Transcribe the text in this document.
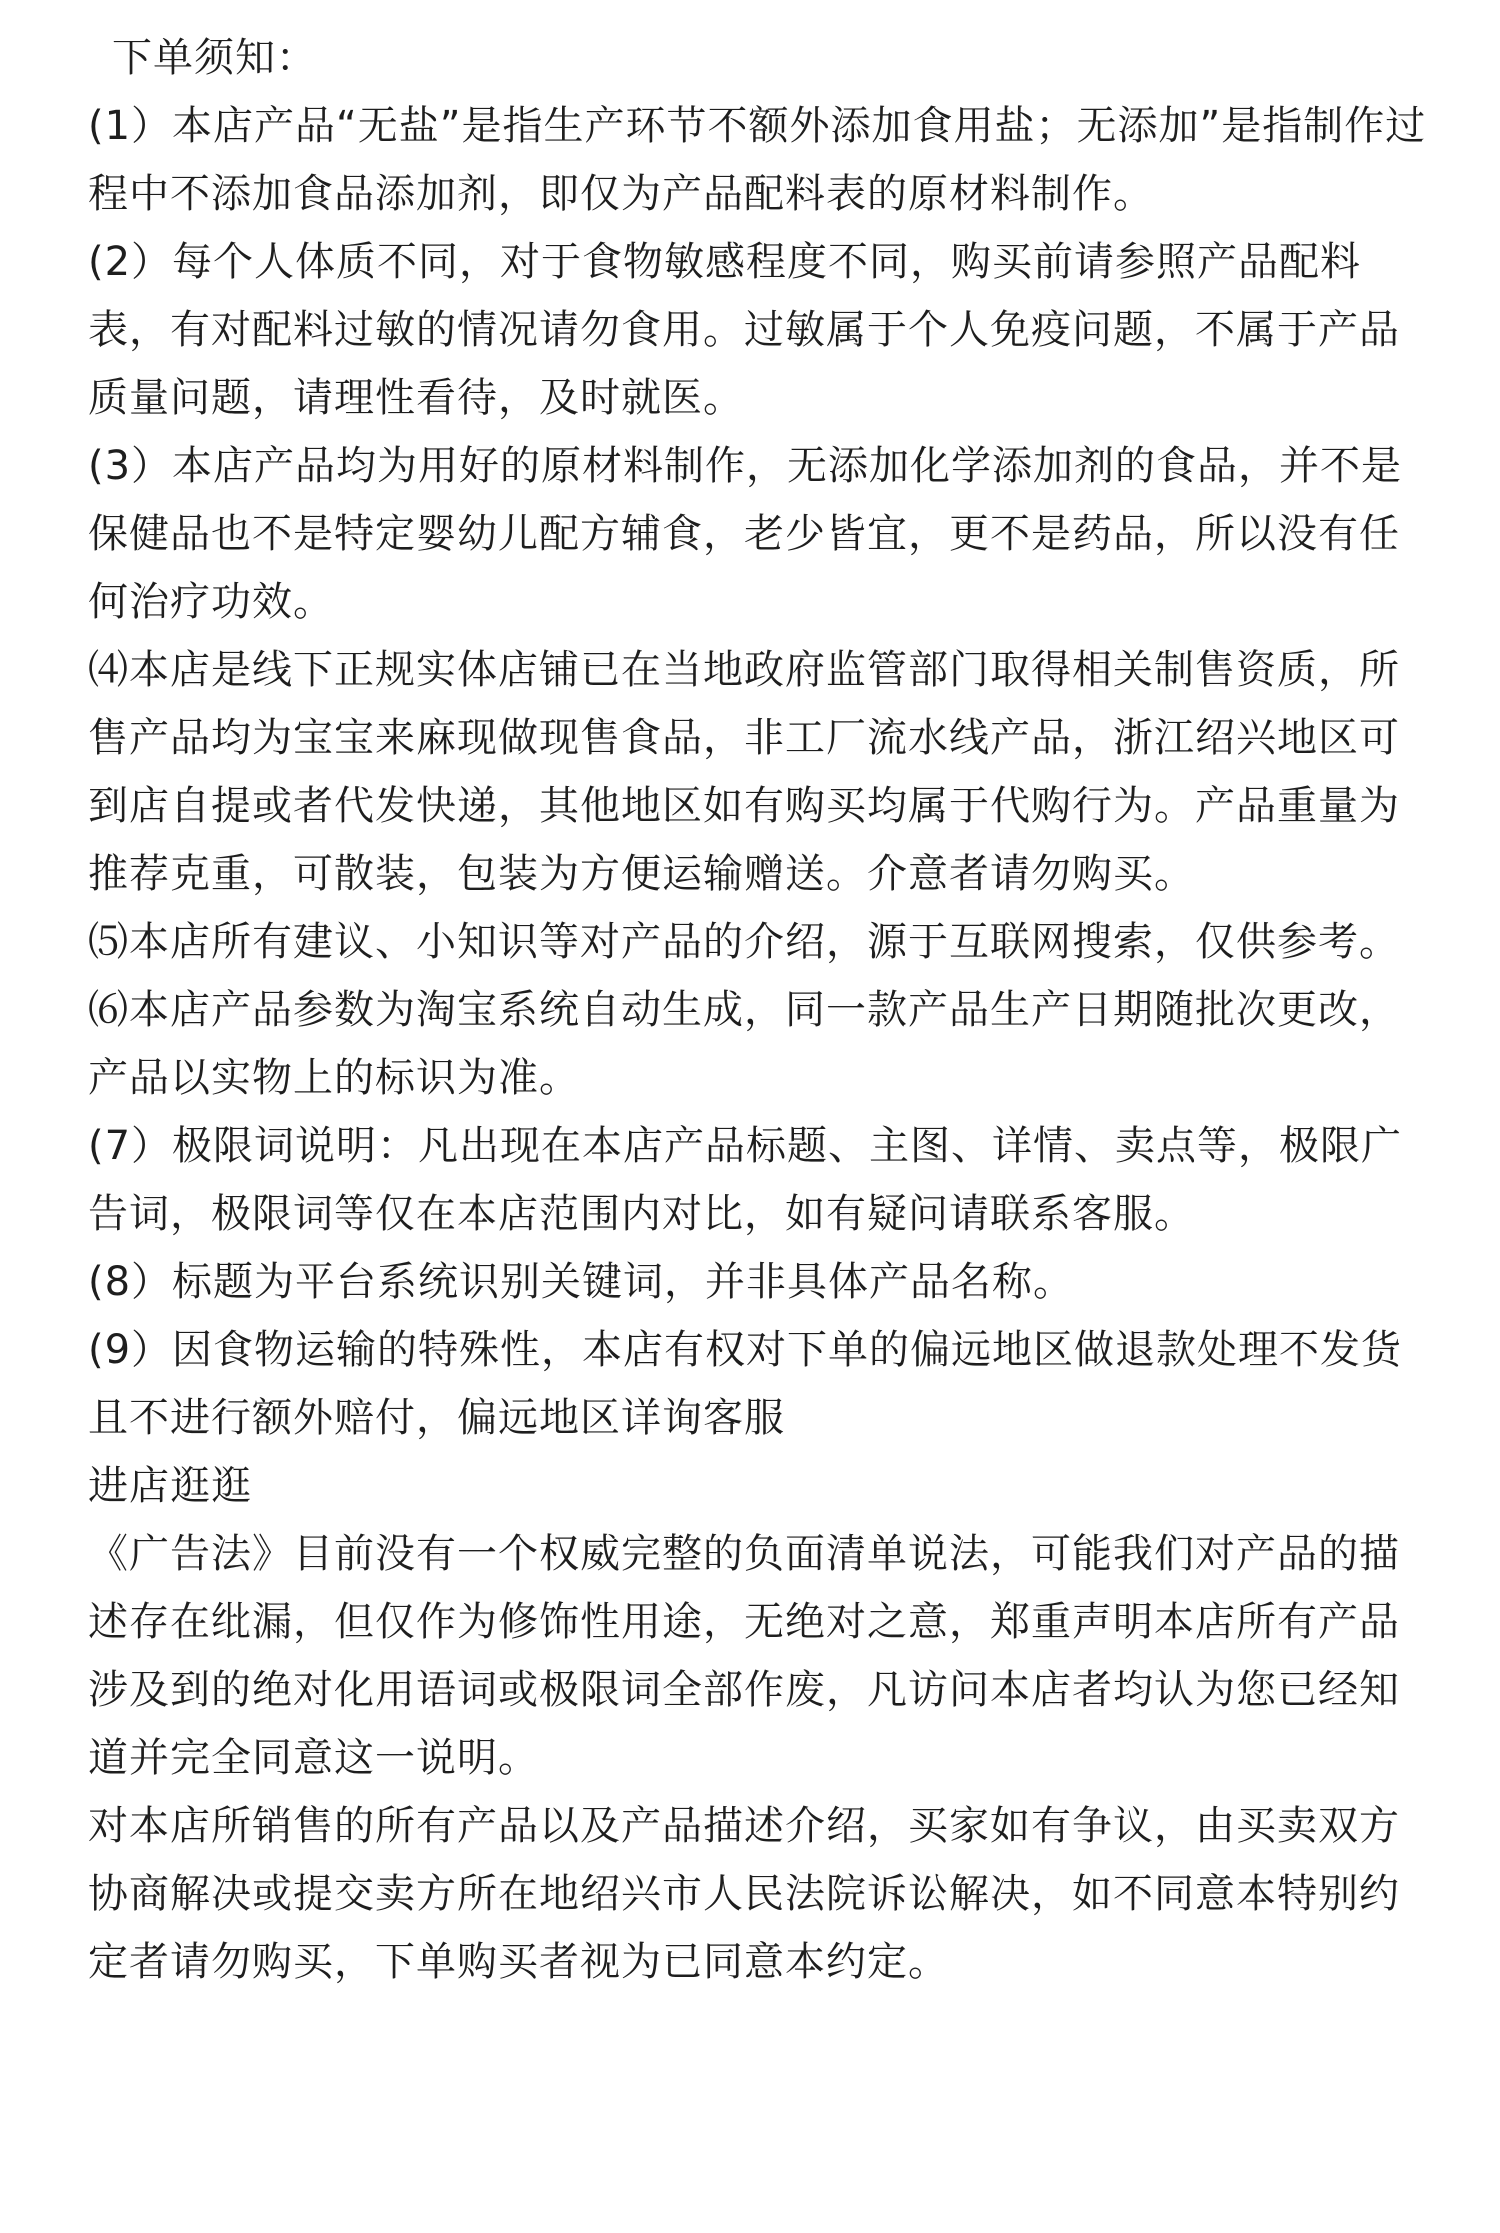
下单须知：

(1）本店产品“无盐”是指生产环节不额外添加食用盐；无添加”是指制作过程中不添加食品添加剂，即仅为产品配料表的原材料制作。

(2）每个人体质不同，对于食物敏感程度不同，购买前请参照产品配料表，有对配料过敏的情况请勿食用。过敏属于个人免疫问题，不属于产品质量问题，请理性看待，及时就医。

(3）本店产品均为用好的原材料制作，无添加化学添加剂的食品，并不是保健品也不是特定婴幼儿配方辅食，老少皆宜，更不是药品，所以没有任何治疗功效。

⑷本店是线下正规实体店铺已在当地政府监管部门取得相关制售资质，所售产品均为宝宝来麻现做现售食品，非工厂流水线产品，浙江绍兴地区可到店自提或者代发快递，其他地区如有购买均属于代购行为。产品重量为推荐克重，可散装，包装为方便运输赠送。介意者请勿购买。

⑸本店所有建议、小知识等对产品的介绍，源于互联网搜索，仅供参考。

⑹本店产品参数为淘宝系统自动生成，同一款产品生产日期随批次更改，产品以实物上的标识为准。

(7）极限词说明：凡出现在本店产品标题、主图、详情、卖点等，极限广告词，极限词等仅在本店范围内对比，如有疑问请联系客服。

(8）标题为平台系统识别关键词，并非具体产品名称。

(9）因食物运输的特殊性，本店有权对下单的偏远地区做退款处理不发货且不进行额外赔付，偏远地区详询客服

进店逛逛

《广告法》目前没有一个权威完整的负面清单说法，可能我们对产品的描述存在纰漏，但仅作为修饰性用途，无绝对之意，郑重声明本店所有产品涉及到的绝对化用语词或极限词全部作废，凡访问本店者均认为您已经知道并完全同意这一说明。

对本店所销售的所有产品以及产品描述介绍，买家如有争议，由买卖双方协商解决或提交卖方所在地绍兴市人民法院诉讼解决，如不同意本特别约定者请勿购买，下单购买者视为已同意本约定。
